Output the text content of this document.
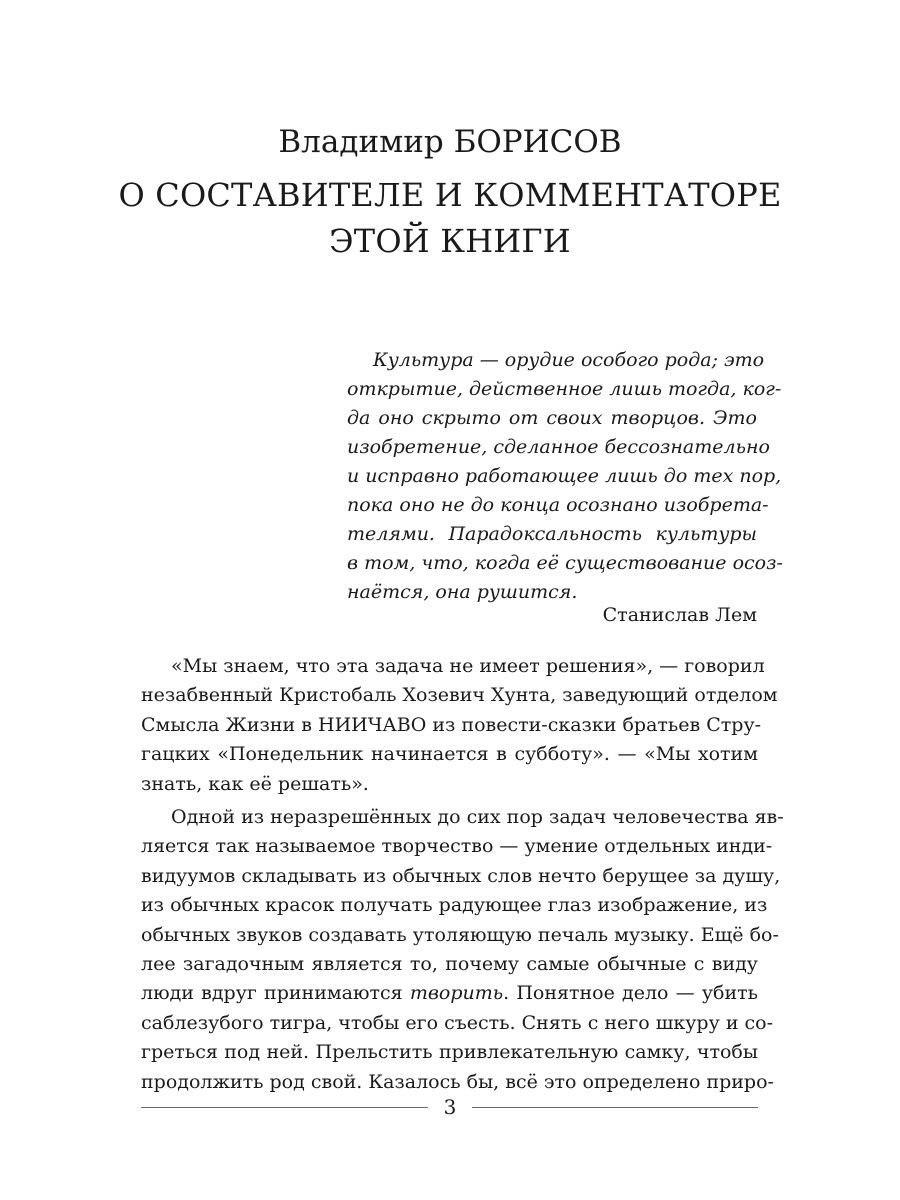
Владимир БОРИСОВ
О СОСТАВИТЕЛЕ И КОММЕНТАТОРЕ
ЭТОЙ КНИГИ
Культура — орудие особого рода; это
открытие, действенное лишь тогда, ког-
да оно скрыто от своих творцов. Это
изобретение, сделанное бессознательно
и исправно работающее лишь до тех пор,
пока оно не до конца осознано изобрета-
телями. Парадоксальность культуры
в том, что, когда её существование осоз-
наётся, она рушится.
Станислав Лем
«Мы знаем, что эта задача не имеет решения», — говорил
незабвенный Кристобаль Хозевич Хунта, заведующий отделом
Смысла Жизни в НИИЧАВО из повести-сказки братьев Стру-
гацких «Понедельник начинается в субботу». — «Мы хотим
знать, как её решать».
Одной из неразрешённых до сих пор задач человечества яв-
ляется так называемое творчество — умение отдельных инди-
видуумов складывать из обычных слов нечто берущее за душу,
из обычных красок получать радующее глаз изображение, из
обычных звуков создавать утоляющую печаль музыку. Ещё бо-
лее загадочным является то, почему самые обычные с виду
люди вдруг принимаются творить. Понятное дело — убить
саблезубого тигра, чтобы его съесть. Снять с него шкуру и со-
греться под ней. Прельстить привлекательную самку, чтобы
продолжить род свой. Казалось бы, всё это определено приро-
3
